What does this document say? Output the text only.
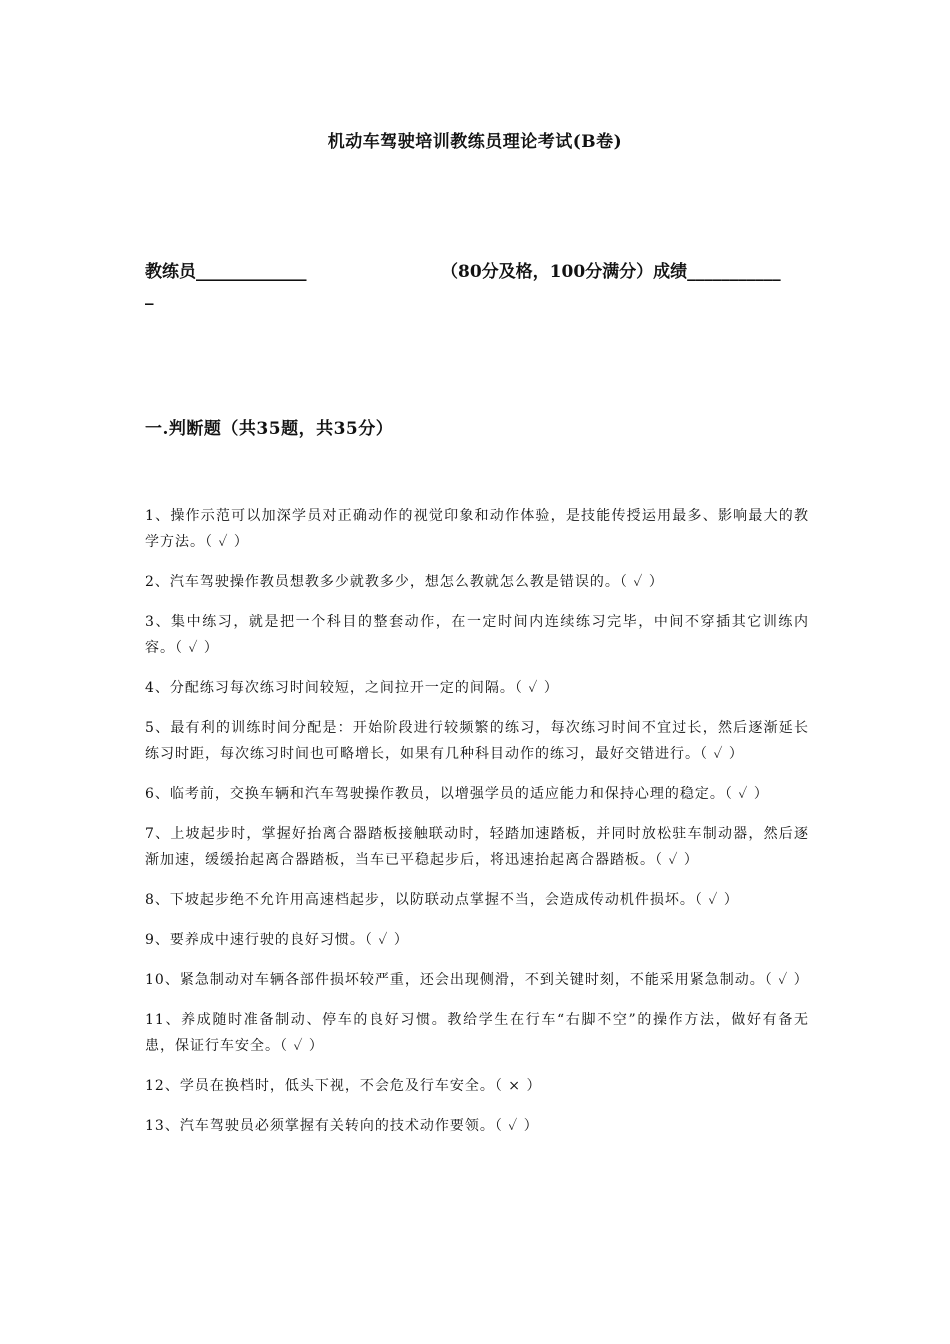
机动车驾驶培训教练员理论考试(B卷)
教练员_____________	（80分及格，100分满分）成绩___________
_
一.判断题（共35题，共35分）

1、操作示范可以加深学员对正确动作的视觉印象和动作体验，是技能传授运用最多、影响最大的教学方法。（ ✓ ）

2、汽车驾驶操作教员想教多少就教多少，想怎么教就怎么教是错误的。（ ✓ ）

3、集中练习，就是把一个科目的整套动作，在一定时间内连续练习完毕，中间不穿插其它训练内容。（ ✓ ）

4、分配练习每次练习时间较短，之间拉开一定的间隔。（ ✓ ）

5、最有利的训练时间分配是：开始阶段进行较频繁的练习，每次练习时间不宜过长，然后逐渐延长练习时距，每次练习时间也可略增长，如果有几种科目动作的练习，最好交错进行。（ ✓ ）

6、临考前，交换车辆和汽车驾驶操作教员，以增强学员的适应能力和保持心理的稳定。（ ✓ ）

7、上坡起步时，掌握好抬离合器踏板接触联动时，轻踏加速踏板，并同时放松驻车制动器，然后逐渐加速，缓缓抬起离合器踏板，当车已平稳起步后，将迅速抬起离合器踏板。（ ✓ ）

8、下坡起步绝不允许用高速档起步，以防联动点掌握不当，会造成传动机件损坏。（ ✓ ）

9、要养成中速行驶的良好习惯。（ ✓ ）

10、紧急制动对车辆各部件损坏较严重，还会出现侧滑，不到关键时刻，不能采用紧急制动。（ ✓ ）

11、养成随时准备制动、停车的良好习惯。教给学生在行车“右脚不空”的操作方法，做好有备无患，保证行车安全。（ ✓ ）

12、学员在换档时，低头下视，不会危及行车安全。（ × ）

13、汽车驾驶员必须掌握有关转向的技术动作要领。（ ✓ ）
